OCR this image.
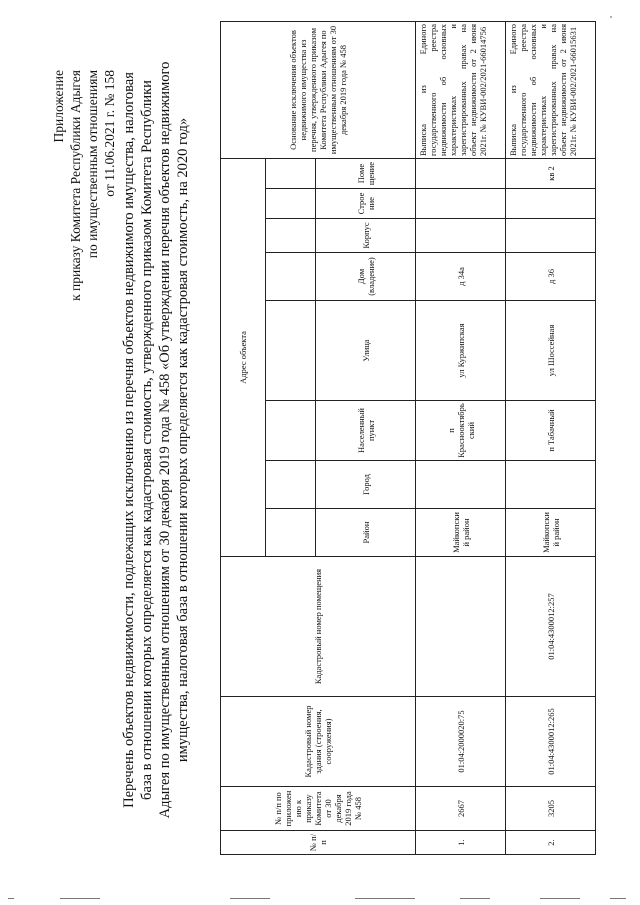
Приложение к приказу Комитета Республики Адыгея по имущественным отношениям от 11.06.2021 г. № 158 Перечень объектов недвижимости, подлежащих исключению из перечня объектов недвижимого имущества, налоговая база в отношении которых определяется как кадастровая стоимость, утвержденного приказом Комитета Республики Адыгея по имущественным отношениям от 30 декабря 2019 года № 458 «Об утверждении перечня объектов недвижимого имущества, налоговая база в отношении которых определяется как кадастровая стоимость, на 2020 год»
№ п/п	№ п/п по приложению к приказу Комитета от 30 декабря 2019 года № 458	Кадастровый номер здания (строения, сооружения)	Кадастровый номер помещения	Адрес объекта								Основание исключения объектов недвижимого имущества из перечня, утвержденного приказом Комитета Республики Адыгея по имущественным отношениям от 30 декабря 2019 года № 458

				Район	Город	Населенный пункт	Улица	Дом (владение)	Корпус	Строение	Помещение	
1.	2667	01:04:2000020:75		Майкопский район		п Краснооктябрьский	ул Куржипская	д 34а				Выписка из Единого государственного реестра недвижимости об основных характеристиках и зарегистрированных правах на объект недвижимости от 2 июня 2021г. № КУВИ-002/2021-66014756
2.	3205	01:04:4300012:265	01:04:4300012:257	Майкопский район		п Табачный	ул Шоссейная	д 36			кв 2	Выписка из Единого государственного реестра недвижимости об основных характеристиках и зарегистрированных правах на объект недвижимости от 2 июня 2021г. № КУВИ-002/2021-66015631
